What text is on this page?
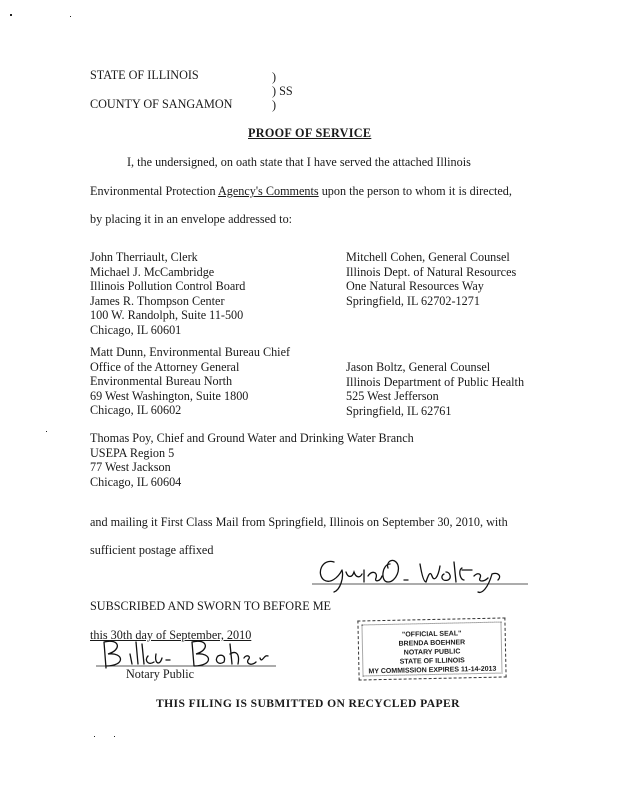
STATE OF ILLINOIS	)
) SS
COUNTY OF SANGAMON	)
PROOF OF SERVICE
I, the undersigned, on oath state that I have served the attached Illinois
Environmental Protection Agency's Comments upon the person to whom it is directed,
by placing it in an envelope addressed to:
John Therriault, Clerk
Michael J. McCambridge
Illinois Pollution Control Board
James R. Thompson Center
100 W. Randolph, Suite 11-500
Chicago, IL 60601
Mitchell Cohen, General Counsel
Illinois Dept. of Natural Resources
One Natural Resources Way
Springfield, IL 62702-1271
Matt Dunn, Environmental Bureau Chief
Office of the Attorney General
Environmental Bureau North
69 West Washington, Suite 1800
Chicago, IL 60602
Jason Boltz, General Counsel
Illinois Department of Public Health
525 West Jefferson
Springfield, IL 62761
Thomas Poy, Chief and Ground Water and Drinking Water Branch
USEPA Region 5
77 West Jackson
Chicago, IL 60604
and mailing it First Class Mail from Springfield, Illinois on September 30, 2010, with
sufficient postage affixed
SUBSCRIBED AND SWORN TO BEFORE ME
this 30th day of September, 2010
Notary Public
"OFFICIAL SEAL"
BRENDA BOEHNER
NOTARY PUBLIC
STATE OF ILLINOIS
MY COMMISSION EXPIRES 11-14-2013
THIS FILING IS SUBMITTED ON RECYCLED PAPER
